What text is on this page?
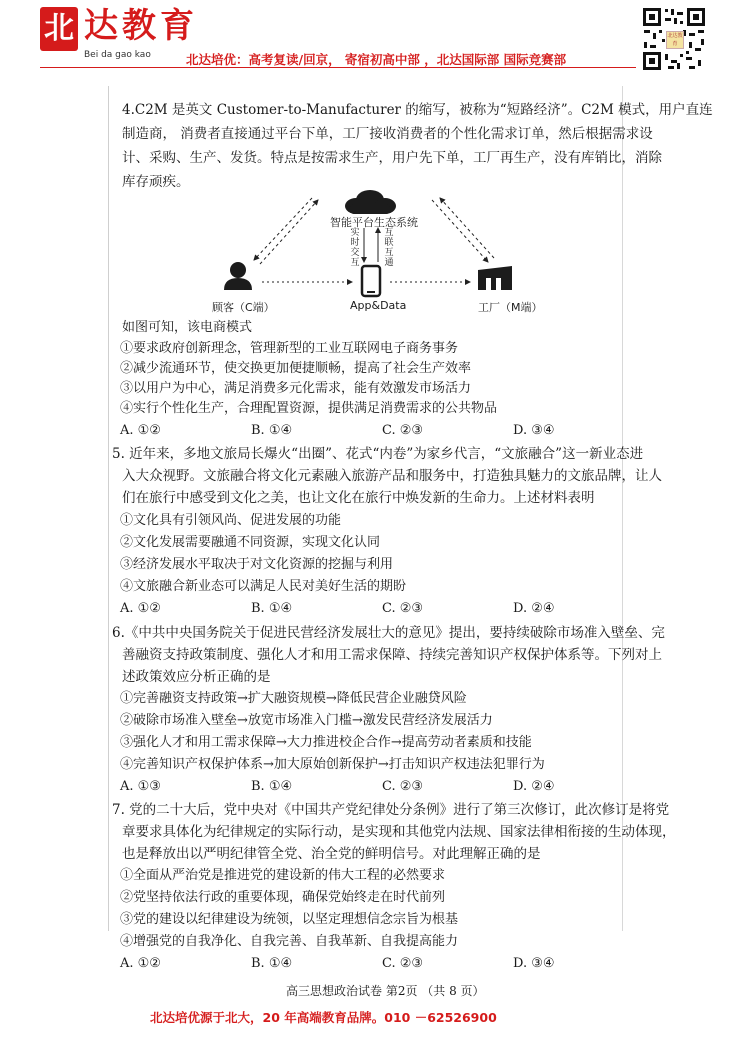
北 达教育
Bei da gao kao	北达培优：高考复读/回京， 寄宿初高中部 ，北达国际部 国际竞赛部
北达教育
4.C2M 是英文 Customer-to-Manufacturer 的缩写，被称为“短路经济”。C2M 模式，用户直连
制造商， 消费者直接通过平台下单，工厂接收消费者的个性化需求订单，然后根据需求设
计、采购、生产、发货。特点是按需求生产，用户先下单，工厂再生产，没有库销比，消除
库存顽疾。
智能平台生态系统
实时交互
互联互通
顾客（C端）	App&Data	工厂（M端）
如图可知，该电商模式
①要求政府创新理念，管理新型的工业互联网电子商务事务
②减少流通环节，使交换更加便捷顺畅，提高了社会生产效率
③以用户为中心，满足消费多元化需求，能有效激发市场活力
④实行个性化生产，合理配置资源，提供满足消费需求的公共物品
A. ①②	B. ①④	C. ②③	D. ③④
5. 近年来，多地文旅局长爆火“出圈”、花式“内卷”为家乡代言，“文旅融合”这一新业态进
入大众视野。文旅融合将文化元素融入旅游产品和服务中，打造独具魅力的文旅品牌，让人
们在旅行中感受到文化之美，也让文化在旅行中焕发新的生命力。上述材料表明
①文化具有引领风尚、促进发展的功能
②文化发展需要融通不同资源，实现文化认同
③经济发展水平取决于对文化资源的挖掘与利用
④文旅融合新业态可以满足人民对美好生活的期盼
A. ①②	B. ①④	C. ②③	D. ②④
6.《中共中央国务院关于促进民营经济发展壮大的意见》提出，要持续破除市场准入壁垒、完
善融资支持政策制度、强化人才和用工需求保障、持续完善知识产权保护体系等。下列对上
述政策效应分析正确的是
①完善融资支持政策→扩大融资规模→降低民营企业融贷风险
②破除市场准入壁垒→放宽市场准入门槛→激发民营经济发展活力
③强化人才和用工需求保障→大力推进校企合作→提高劳动者素质和技能
④完善知识产权保护体系→加大原始创新保护→打击知识产权违法犯罪行为
A. ①③	B. ①④	C. ②③	D. ②④
7. 党的二十大后，党中央对《中国共产党纪律处分条例》进行了第三次修订，此次修订是将党
章要求具体化为纪律规定的实际行动，是实现和其他党内法规、国家法律相衔接的生动体现，
也是释放出以严明纪律管全党、治全党的鲜明信号。对此理解正确的是
①全面从严治党是推进党的建设新的伟大工程的必然要求
②党坚持依法行政的重要体现，确保党始终走在时代前列
③党的建设以纪律建设为统领，以坚定理想信念宗旨为根基
④增强党的自我净化、自我完善、自我革新、自我提高能力
A. ①②	B. ①④	C. ②③	D. ③④
高三思想政治试卷 第2页 （共 8 页）
北达培优源于北大，20 年高端教育品牌。010 －62526900
